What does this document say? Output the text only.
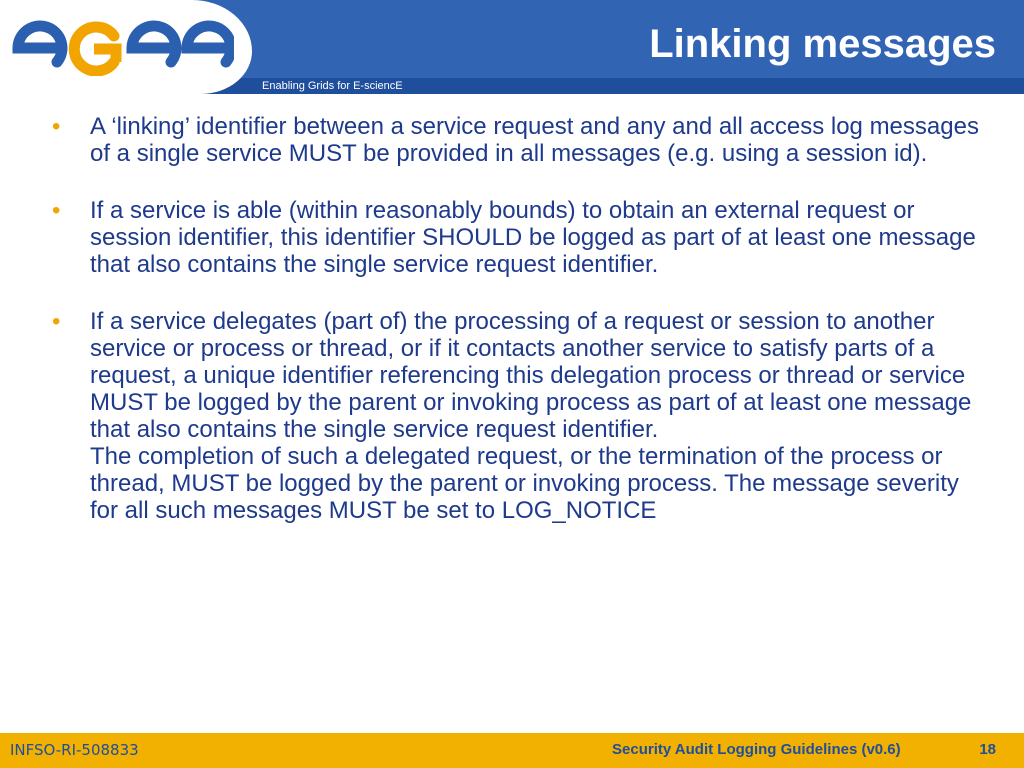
Enabling Grids for E-sciencE
Linking messages
•	A ‘linking’ identifier between a service request and any and all access log messages of a single service MUST be provided in all messages (e.g. using a session id).

•	If a service is able (within reasonably bounds) to obtain an external request or session identifier, this identifier SHOULD be logged as part of at least one message that also contains the single service request identifier.

•	If a service delegates (part of) the processing of a request or session to another service or process or thread, or if it contacts another service to satisfy parts of a request, a unique identifier referencing this delegation process or thread or service MUST be logged by the parent or invoking process as part of at least one message that also contains the single service request identifier.

The completion of such a delegated request, or the termination of the process or thread, MUST be logged by the parent or invoking process. The message severity for all such messages MUST be set to LOG_NOTICE

INFSO-RI-508833	Security Audit Logging Guidelines (v0.6)	18
